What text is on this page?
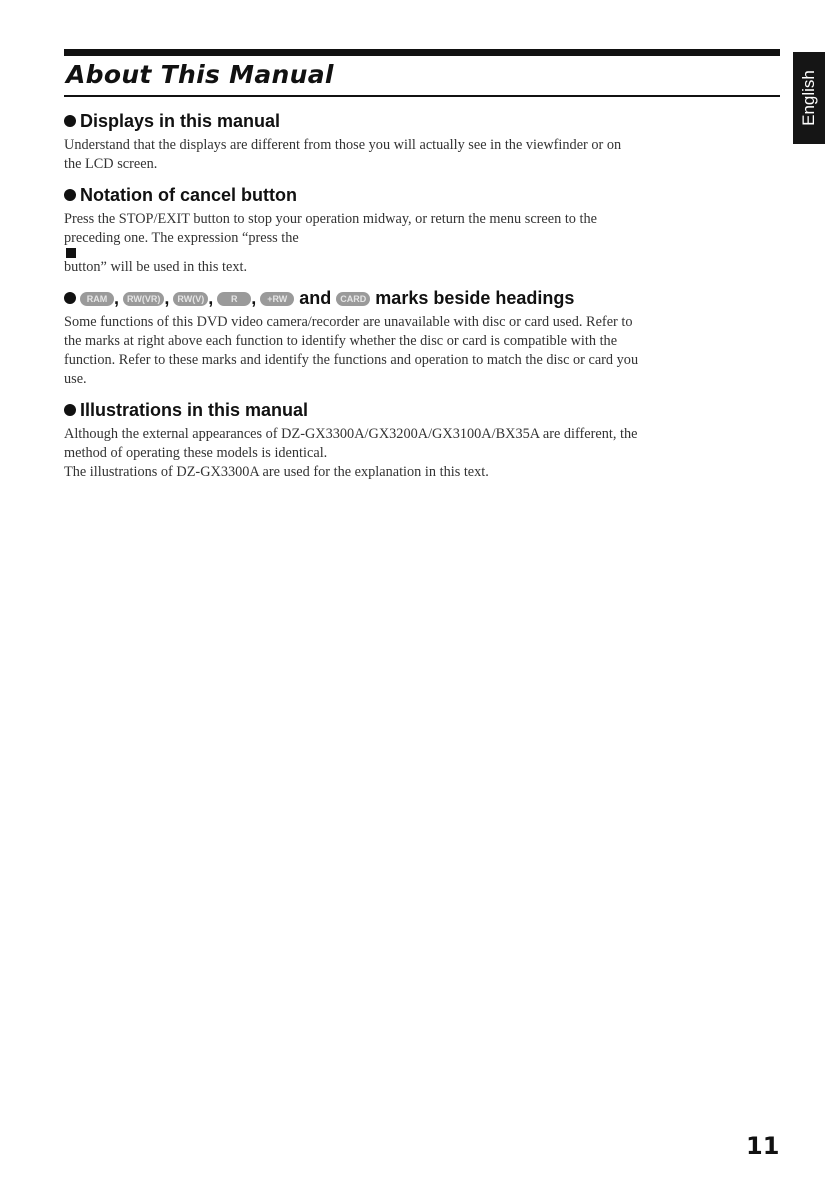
About This Manual	English
Displays in this manual

Understand that the displays are different from those you will actually see in the viewfinder or on
the LCD screen.

Notation of cancel button

Press the STOP/EXIT button to stop your operation midway, or return the menu screen to the
preceding one. The expression “press the
button” will be used in this text.

RAM , RW(VR) , RW(V) , R , +RW and CARD marks beside headings

Some functions of this DVD video camera/recorder are unavailable with disc or card used. Refer to
the marks at right above each function to identify whether the disc or card is compatible with the
function. Refer to these marks and identify the functions and operation to match the disc or card you
use.

Illustrations in this manual

Although the external appearances of DZ-GX3300A/GX3200A/GX3100A/BX35A are different, the
method of operating these models is identical.
The illustrations of DZ-GX3300A are used for the explanation in this text.

11
